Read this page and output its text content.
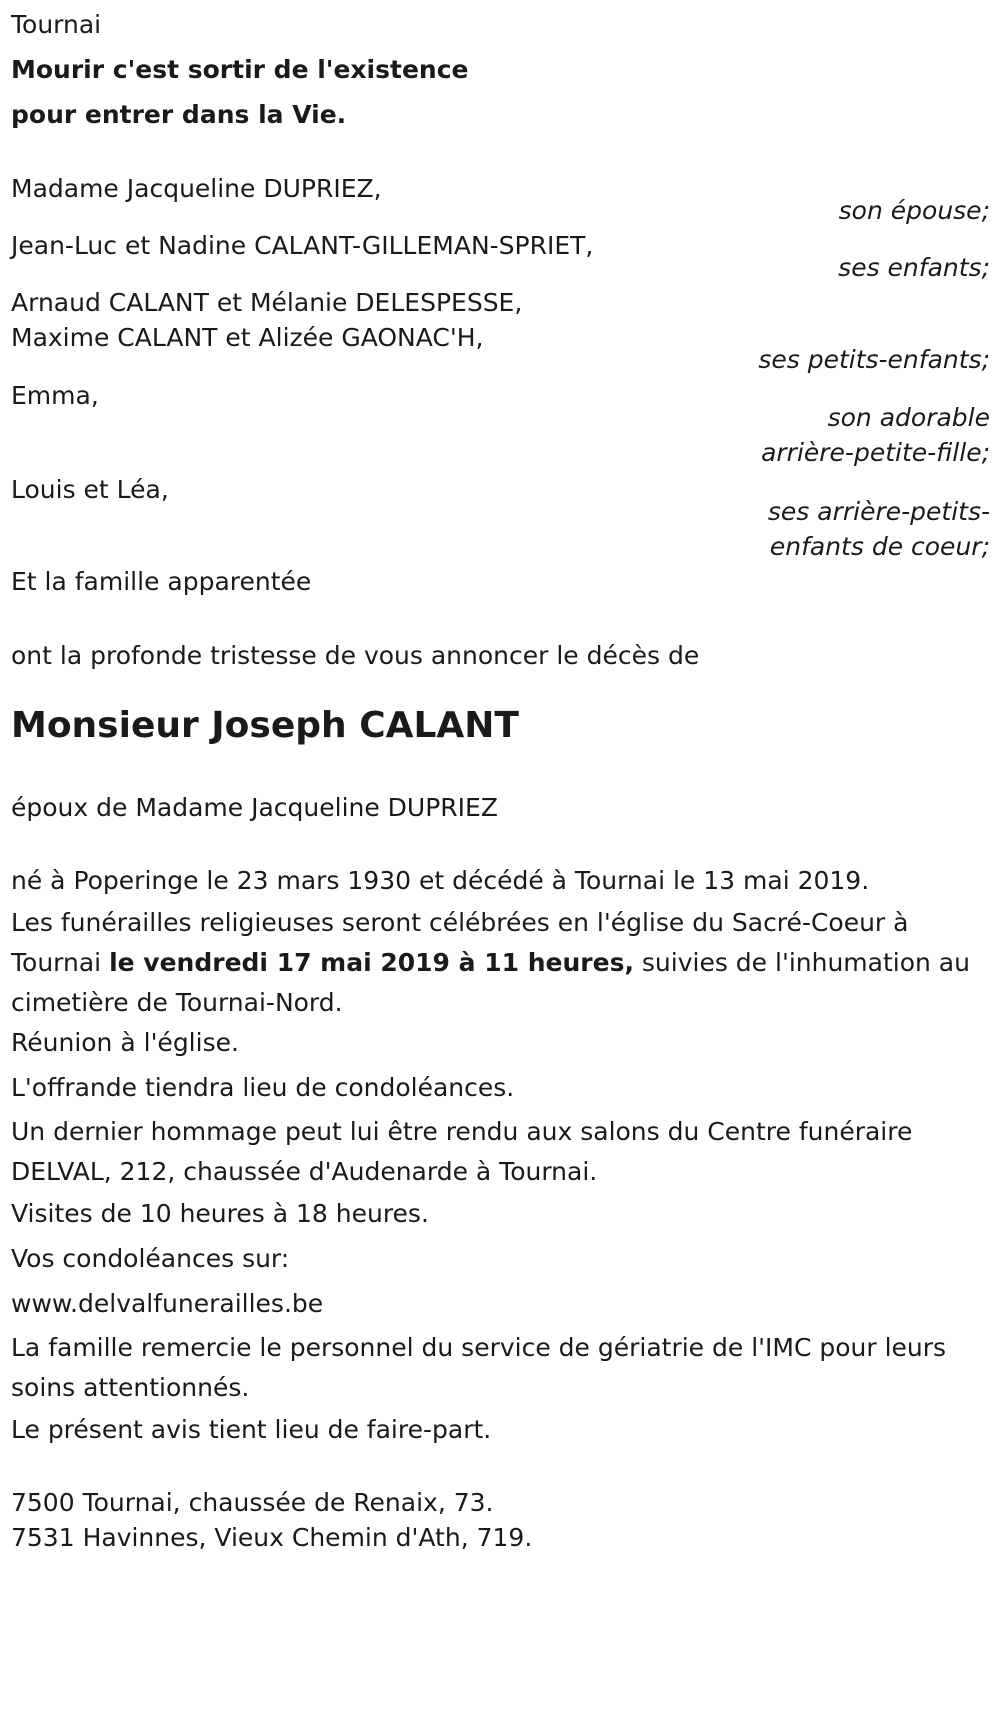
Tournai
Mourir c'est sortir de l'existence
pour entrer dans la Vie.
Madame Jacqueline DUPRIEZ,
son épouse;
Jean-Luc et Nadine CALANT-GILLEMAN-SPRIET,
ses enfants;
Arnaud CALANT et Mélanie DELESPESSE,
Maxime CALANT et Alizée GAONAC'H,
ses petits-enfants;
Emma,
son adorable
arrière-petite-fille;
Louis et Léa,
ses arrière-petits-
enfants de coeur;
Et la famille apparentée
ont la profonde tristesse de vous annoncer le décès de
Monsieur Joseph CALANT
époux de Madame Jacqueline DUPRIEZ
né à Poperinge le 23 mars 1930 et décédé à Tournai le 13 mai 2019.
Les funérailles religieuses seront célébrées en l'église du Sacré-Coeur à Tournai le vendredi 17 mai 2019 à 11 heures, suivies de l'inhumation au cimetière de Tournai-Nord.
Réunion à l'église.
L'offrande tiendra lieu de condoléances.
Un dernier hommage peut lui être rendu aux salons du Centre funéraire DELVAL, 212, chaussée d'Audenarde à Tournai.
Visites de 10 heures à 18 heures.
Vos condoléances sur:
www.delvalfunerailles.be
La famille remercie le personnel du service de gériatrie de l'IMC pour leurs soins attentionnés.
Le présent avis tient lieu de faire-part.
7500 Tournai, chaussée de Renaix, 73.
7531 Havinnes, Vieux Chemin d'Ath, 719.
